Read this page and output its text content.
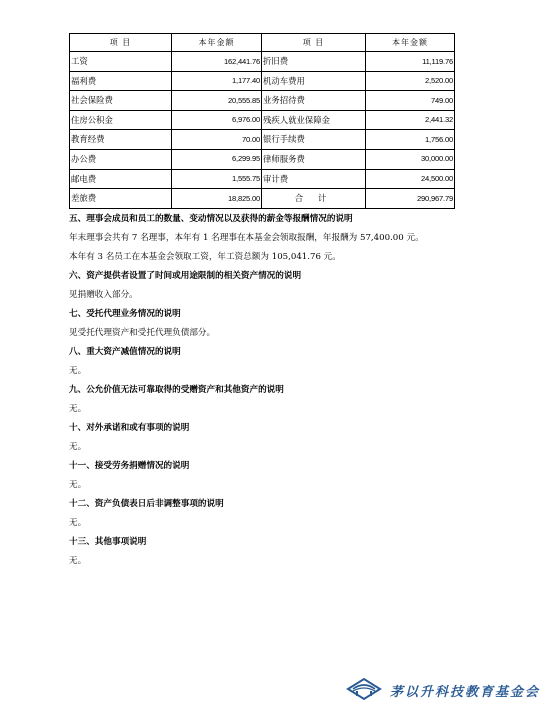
项 目	本年金额	项 目	本年金额
工资	162,441.76	折旧费	11,119.76
福利费	1,177.40	机动车费用	2,520.00
社会保险费	20,555.85	业务招待费	749.00
住房公积金	6,976.00	残疾人就业保障金	2,441.32
教育经费	70.00	银行手续费	1,756.00
办公费	6,299.95	律师服务费	30,000.00
邮电费	1,555.75	审计费	24,500.00
差旅费	18,825.00	合 计	290,967.79
五、理事会成员和员工的数量、变动情况以及获得的薪金等报酬情况的说明
年末理事会共有 7 名理事，本年有 1 名理事在本基金会领取报酬，年报酬为 57,400.00 元。
本年有 3 名员工在本基金会领取工资，年工资总额为 105,041.76 元。
六、资产提供者设置了时间或用途限制的相关资产情况的说明
见捐赠收入部分。
七、受托代理业务情况的说明
见受托代理资产和受托代理负债部分。
八、重大资产减值情况的说明
无。
九、公允价值无法可靠取得的受赠资产和其他资产的说明
无。
十、对外承诺和或有事项的说明
无。
十一、接受劳务捐赠情况的说明
无。
十二、资产负债表日后非调整事项的说明
无。
十三、其他事项说明
无。
茅以升科技教育基金会
